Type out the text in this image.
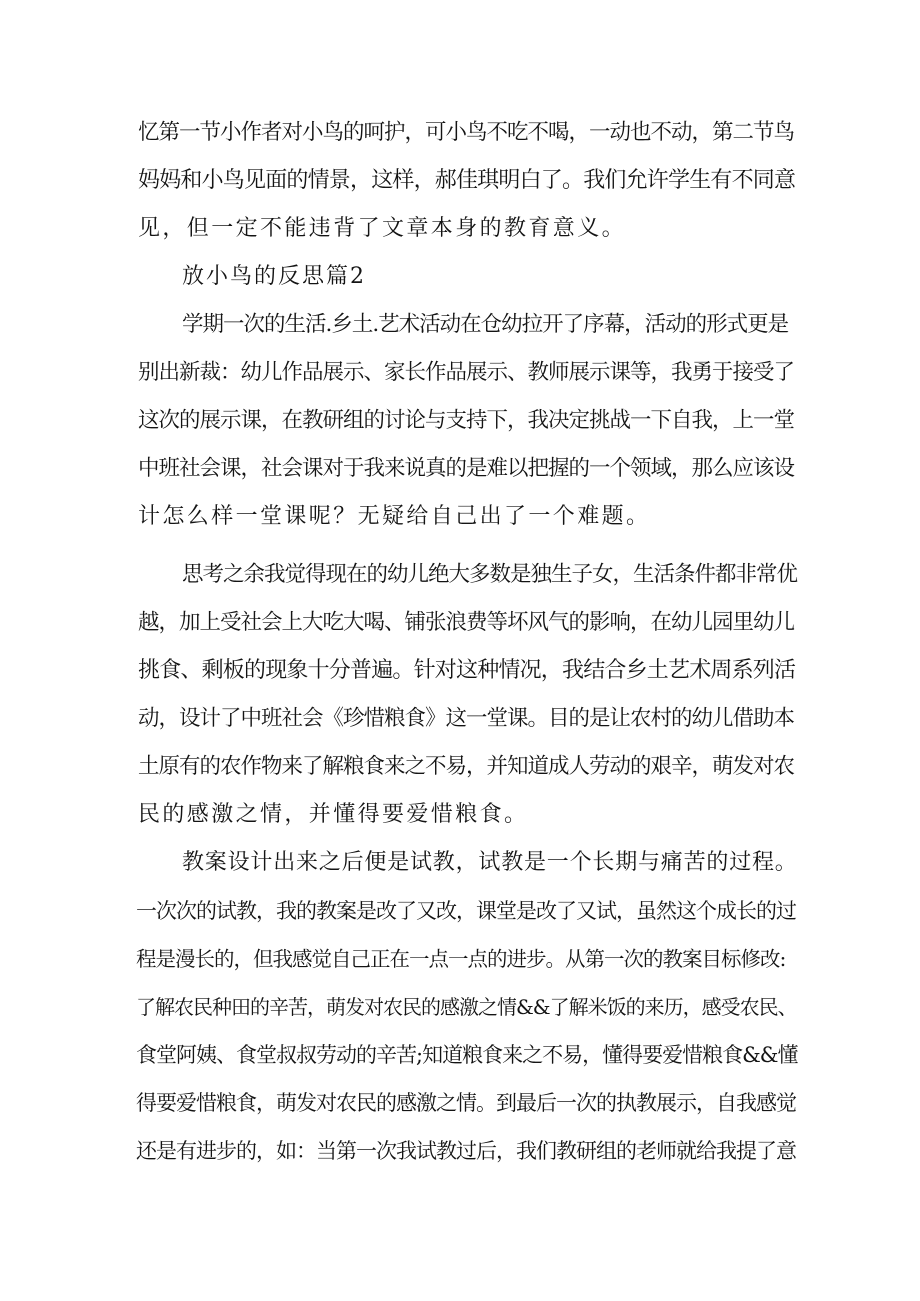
忆第一节小作者对小鸟的呵护，可小鸟不吃不喝，一动也不动，第二节鸟
妈妈和小鸟见面的情景，这样，郝佳琪明白了。我们允许学生有不同意
见，但一定不能违背了文章本身的教育意义。
放小鸟的反思篇2
学期一次的生活.乡土.艺术活动在仓幼拉开了序幕，活动的形式更是
别出新裁：幼儿作品展示、家长作品展示、教师展示课等，我勇于接受了
这次的展示课，在教研组的讨论与支持下，我决定挑战一下自我，上一堂
中班社会课，社会课对于我来说真的是难以把握的一个领域，那么应该设
计怎么样一堂课呢？无疑给自己出了一个难题。
思考之余我觉得现在的幼儿绝大多数是独生子女，生活条件都非常优
越，加上受社会上大吃大喝、铺张浪费等坏风气的影响，在幼儿园里幼儿
挑食、剩板的现象十分普遍。针对这种情况，我结合乡土艺术周系列活
动，设计了中班社会《珍惜粮食》这一堂课。目的是让农村的幼儿借助本
土原有的农作物来了解粮食来之不易，并知道成人劳动的艰辛，萌发对农
民的感激之情，并懂得要爱惜粮食。
教案设计出来之后便是试教，试教是一个长期与痛苦的过程。
一次次的试教，我的教案是改了又改，课堂是改了又试，虽然这个成长的过
程是漫长的，但我感觉自己正在一点一点的进步。从第一次的教案目标修改:
了解农民种田的辛苦，萌发对农民的感激之情&&了解米饭的来历，感受农民、
食堂阿姨、食堂叔叔劳动的辛苦;知道粮食来之不易，懂得要爱惜粮食&&懂
得要爱惜粮食，萌发对农民的感激之情。到最后一次的执教展示，自我感觉
还是有进步的，如：当第一次我试教过后，我们教研组的老师就给我提了意
